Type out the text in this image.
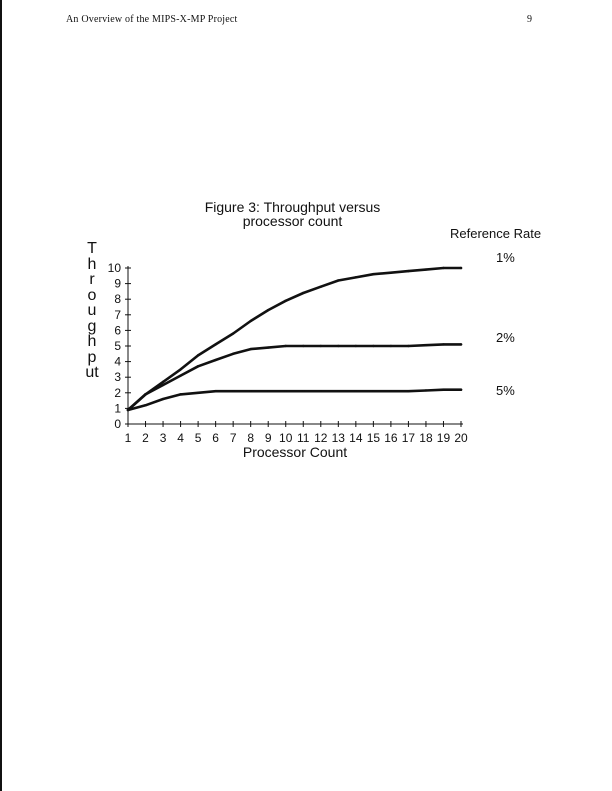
An Overview of the MIPS-X-MP Project	9
Figure 3: Throughput versus
processor count
Reference Rate
1%
2%
5%
Throughput
Processor Count
0
1
2
3
4
5
6
7
8
9
10
1 2 3 4 5 6 7 8 9 10 11 12 13 14 15 16 17 18 19 20
